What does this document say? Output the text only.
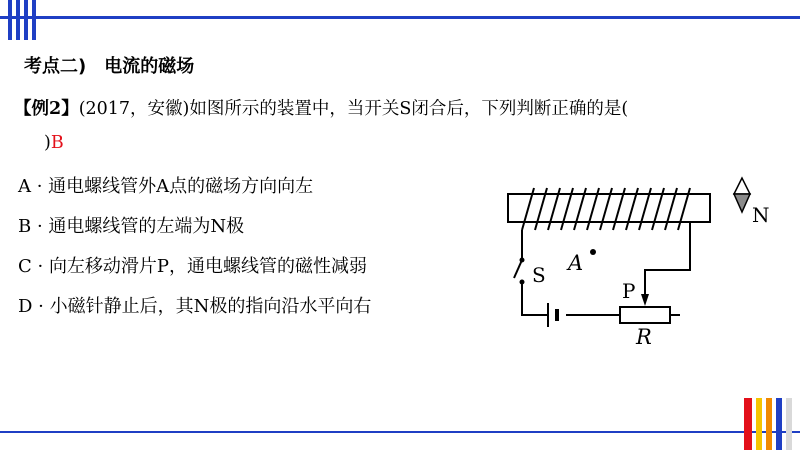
考点二) 电流的磁场
【例2】(2017，安徽)如图所示的装置中，当开关S闭合后，下列判断正确的是(
)B
A · 通电螺线管外A点的磁场方向向左
B · 通电螺线管的左端为N极
C · 向左移动滑片P，通电螺线管的磁性减弱
D · 小磁针静止后，其N极的指向沿水平向右
S A
P
R
N
